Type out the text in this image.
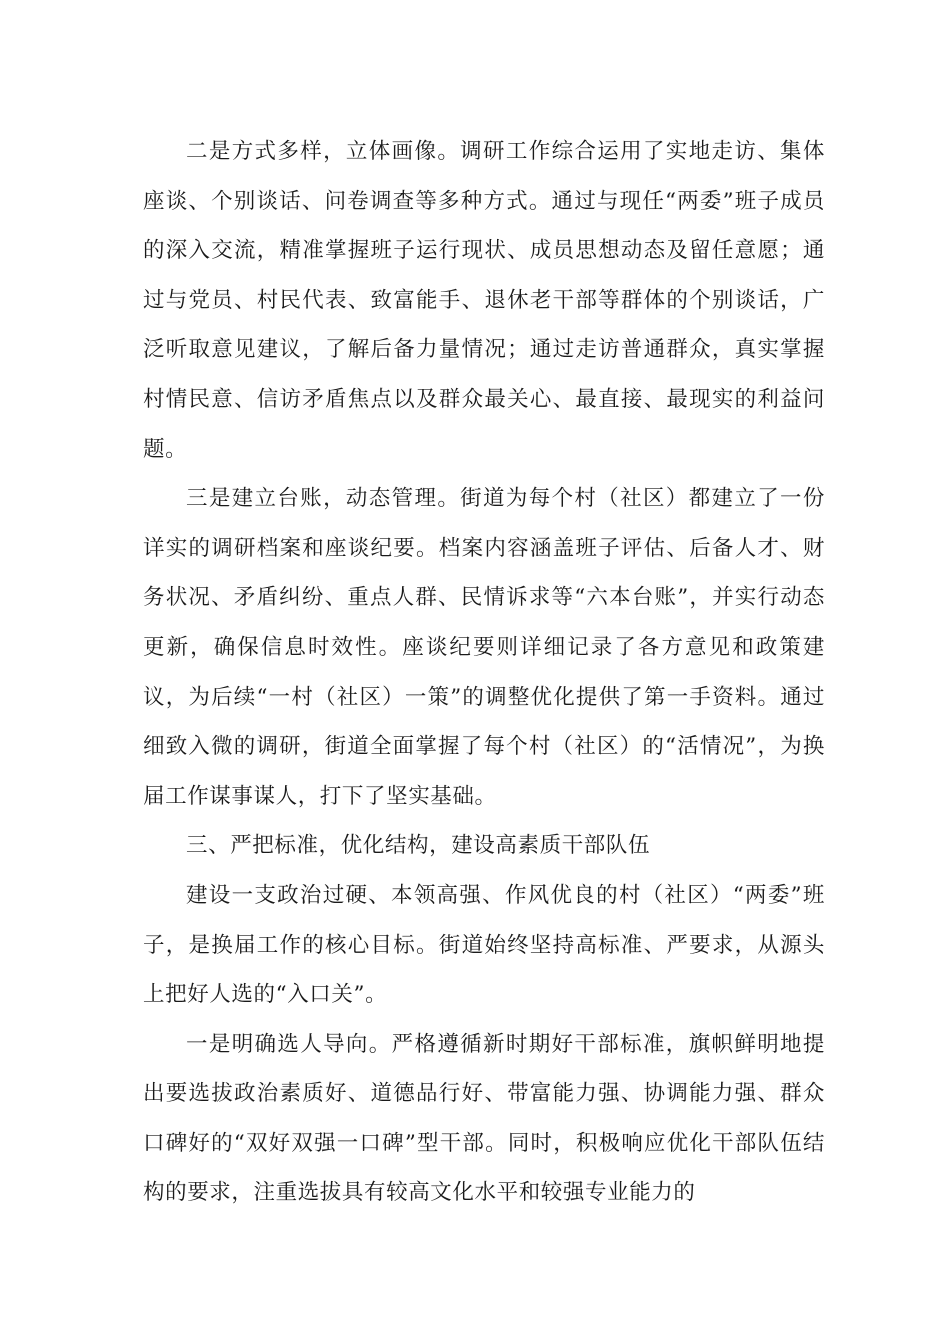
二是方式多样，立体画像。调研工作综合运用了实地走访、集体座谈、个别谈话、问卷调查等多种方式。通过与现任“两委”班子成员的深入交流，精准掌握班子运行现状、成员思想动态及留任意愿；通过与党员、村民代表、致富能手、退休老干部等群体的个别谈话，广泛听取意见建议，了解后备力量情况；通过走访普通群众，真实掌握村情民意、信访矛盾焦点以及群众最关心、最直接、最现实的利益问题。

三是建立台账，动态管理。街道为每个村（社区）都建立了一份详实的调研档案和座谈纪要。档案内容涵盖班子评估、后备人才、财务状况、矛盾纠纷、重点人群、民情诉求等“六本台账”，并实行动态更新，确保信息时效性。座谈纪要则详细记录了各方意见和政策建议，为后续“一村（社区）一策”的调整优化提供了第一手资料。通过细致入微的调研，街道全面掌握了每个村（社区）的“活情况”，为换届工作谋事谋人，打下了坚实基础。

三、严把标准，优化结构，建设高素质干部队伍

建设一支政治过硬、本领高强、作风优良的村（社区）“两委”班子，是换届工作的核心目标。街道始终坚持高标准、严要求，从源头上把好人选的“入口关”。

一是明确选人导向。严格遵循新时期好干部标准，旗帜鲜明地提出要选拔政治素质好、道德品行好、带富能力强、协调能力强、群众口碑好的“双好双强一口碑”型干部。同时，积极响应优化干部队伍结构的要求，注重选拔具有较高文化水平和较强专业能力的
